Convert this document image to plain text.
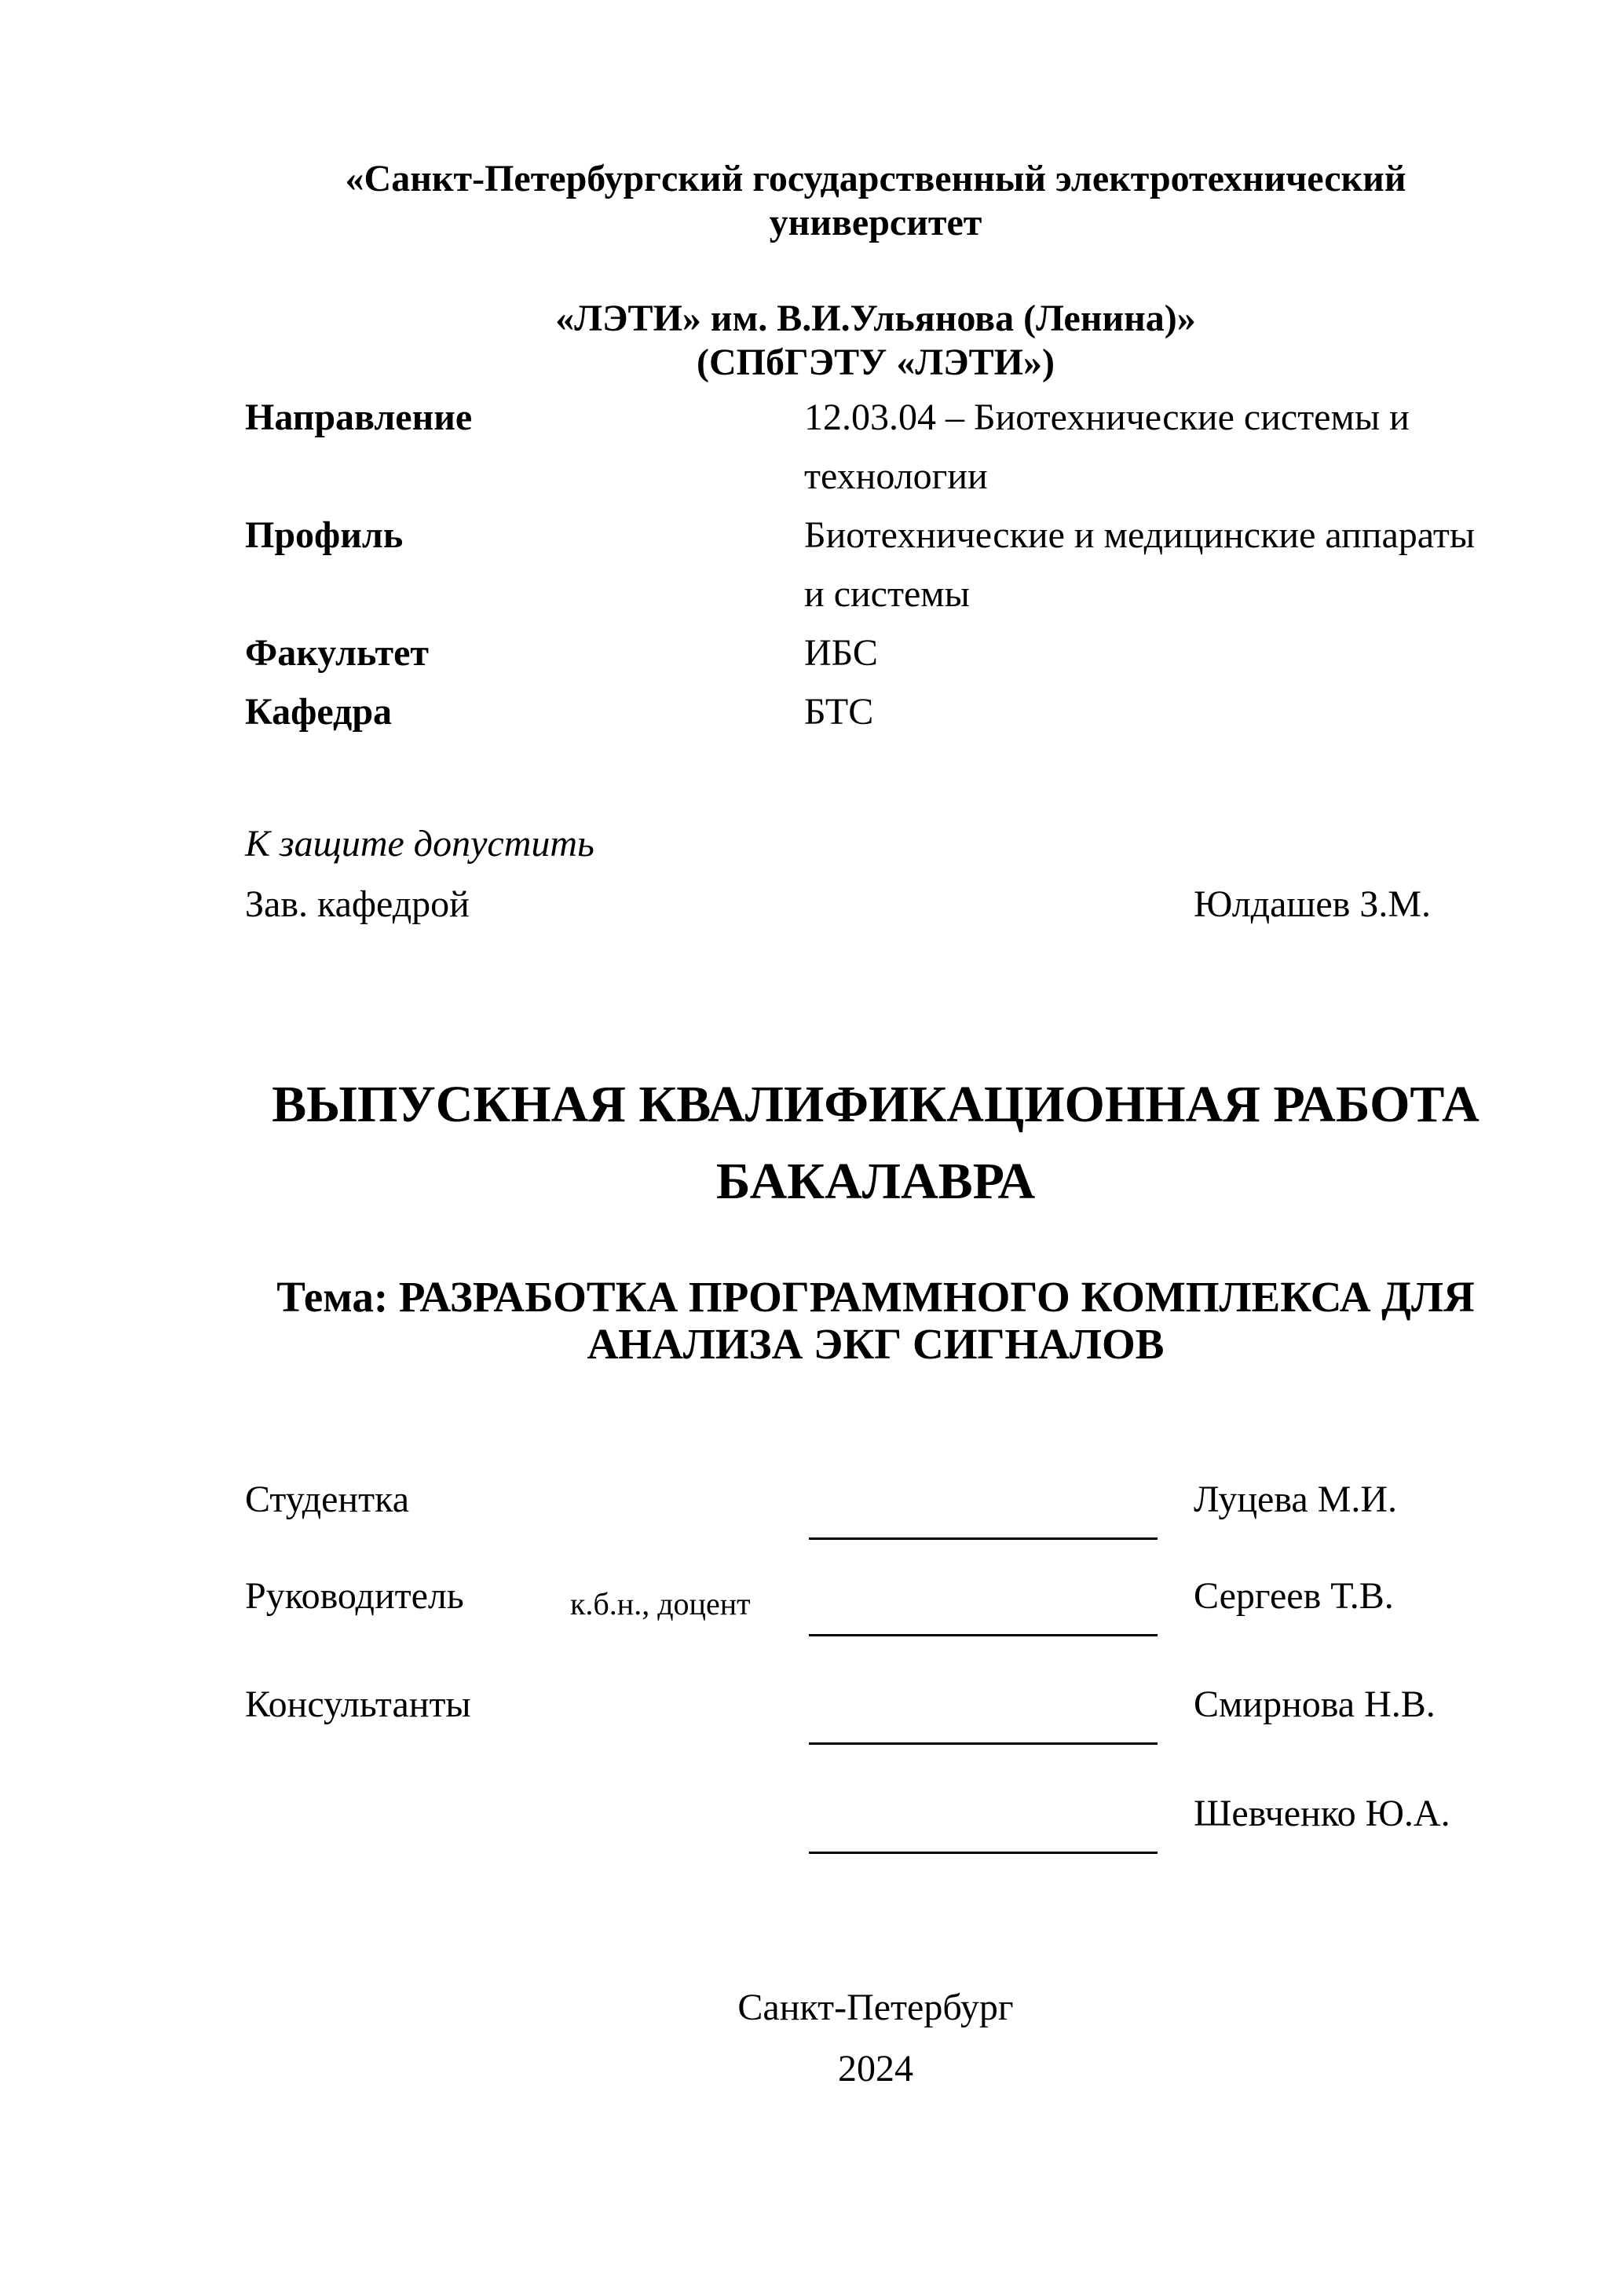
«Санкт-Петербургский государственный электротехнический университет
«ЛЭТИ» им. В.И.Ульянова (Ленина)»
(СПбГЭТУ «ЛЭТИ»)
Направление	12.03.04 – Биотехнические системы и
технологии
Профиль	Биотехнические и медицинские аппараты
и системы
Факультет	ИБС
Кафедра	БТС
К защите допустить
Зав. кафедрой	Юлдашев З.М.
ВЫПУСКНАЯ КВАЛИФИКАЦИОННАЯ РАБОТА
БАКАЛАВРА
Тема: РАЗРАБОТКА ПРОГРАММНОГО КОМПЛЕКСА ДЛЯ
АНАЛИЗА ЭКГ СИГНАЛОВ
Студентка	Луцева М.И.
Руководитель	к.б.н., доцент	Сергеев Т.В.
Консультанты	Смирнова Н.В.
Шевченко Ю.А.
Санкт-Петербург
2024
